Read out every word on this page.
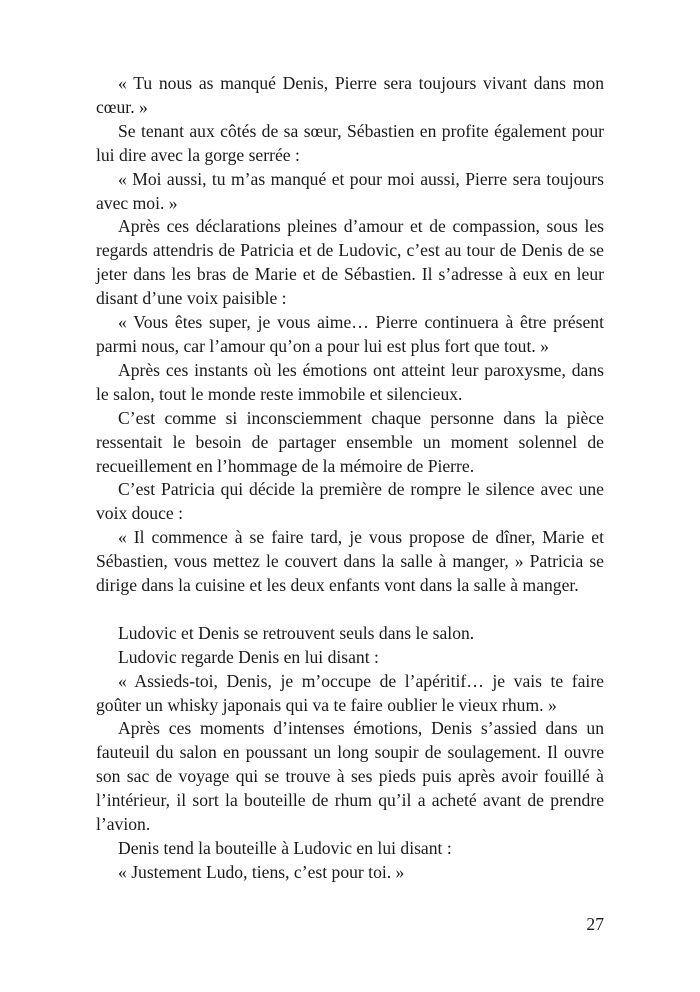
« Tu nous as manqué Denis, Pierre sera toujours vivant dans mon cœur. »

Se tenant aux côtés de sa sœur, Sébastien en profite également pour lui dire avec la gorge serrée :

« Moi aussi, tu m’as manqué et pour moi aussi, Pierre sera toujours avec moi. »

Après ces déclarations pleines d’amour et de compassion, sous les regards attendris de Patricia et de Ludovic, c’est au tour de Denis de se jeter dans les bras de Marie et de Sébastien. Il s’adresse à eux en leur disant d’une voix paisible :

« Vous êtes super, je vous aime… Pierre continuera à être présent parmi nous, car l’amour qu’on a pour lui est plus fort que tout. »

Après ces instants où les émotions ont atteint leur paroxysme, dans le salon, tout le monde reste immobile et silencieux.

C’est comme si inconsciemment chaque personne dans la pièce ressentait le besoin de partager ensemble un moment solennel de recueillement en l’hommage de la mémoire de Pierre.

C’est Patricia qui décide la première de rompre le silence avec une voix douce :

« Il commence à se faire tard, je vous propose de dîner, Marie et Sébastien, vous mettez le couvert dans la salle à manger, » Patricia se dirige dans la cuisine et les deux enfants vont dans la salle à manger.

Ludovic et Denis se retrouvent seuls dans le salon.

Ludovic regarde Denis en lui disant :

« Assieds-toi, Denis, je m’occupe de l’apéritif… je vais te faire goûter un whisky japonais qui va te faire oublier le vieux rhum. »

Après ces moments d’intenses émotions, Denis s’assied dans un fauteuil du salon en poussant un long soupir de soulagement. Il ouvre son sac de voyage qui se trouve à ses pieds puis après avoir fouillé à l’intérieur, il sort la bouteille de rhum qu’il a acheté avant de prendre l’avion.

Denis tend la bouteille à Ludovic en lui disant :

« Justement Ludo, tiens, c’est pour toi. »

27
